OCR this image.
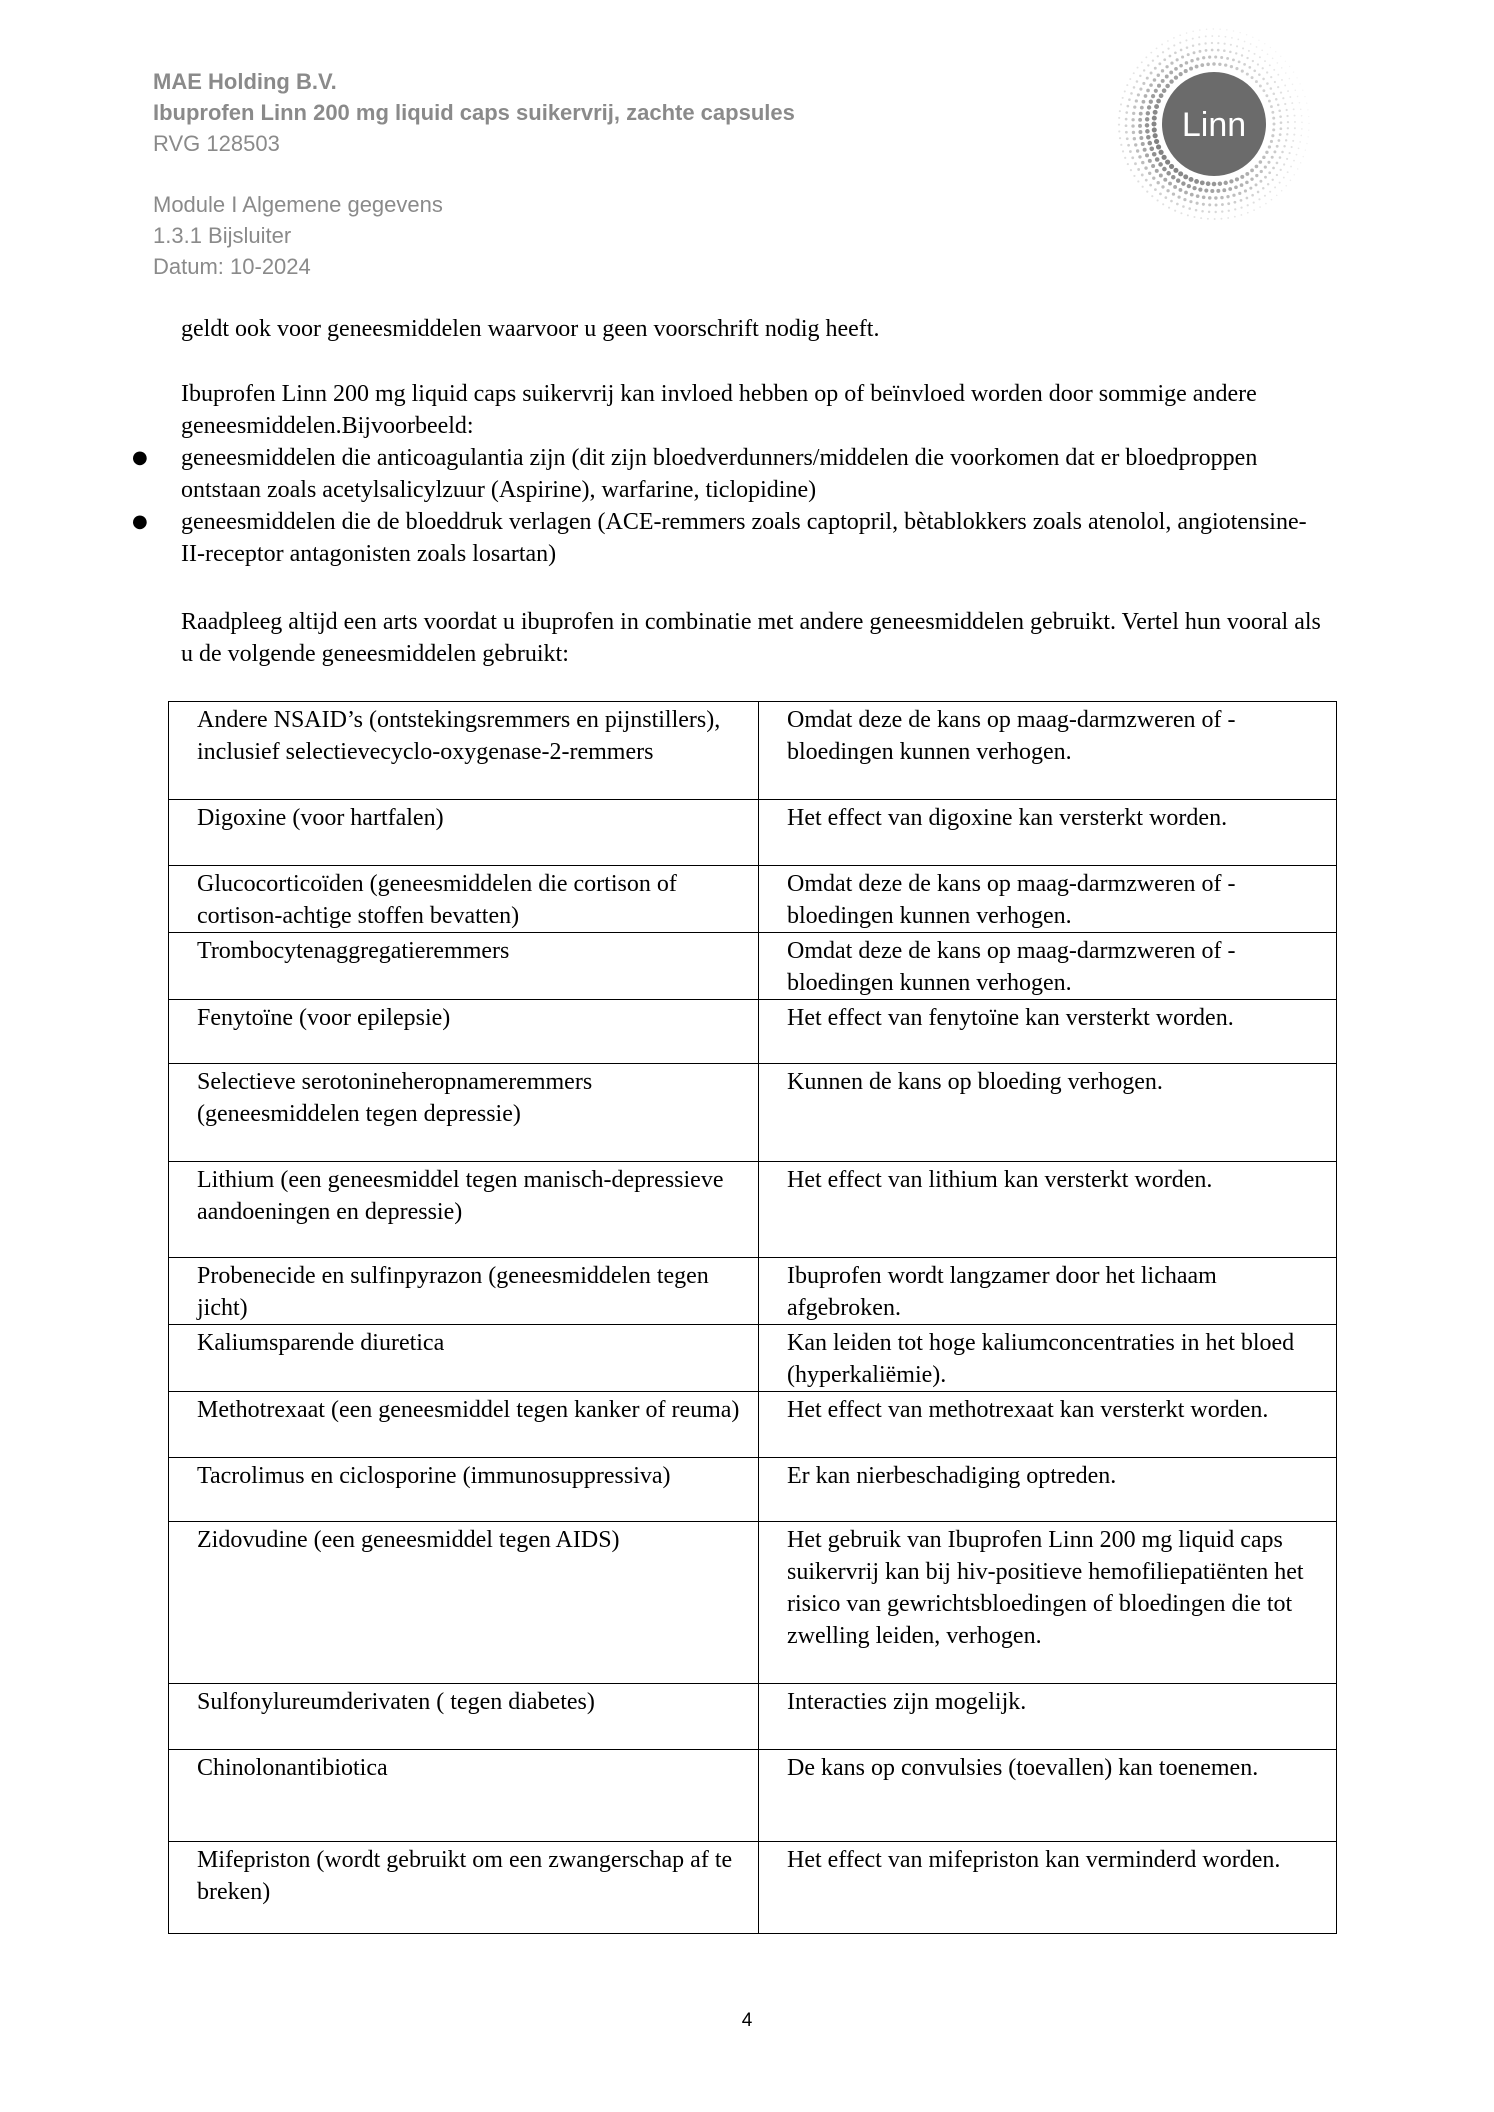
MAE Holding B.V.
Ibuprofen Linn 200 mg liquid caps suikervrij, zachte capsules
RVG 128503
Module I Algemene gegevens
1.3.1 Bijsluiter
Datum: 10-2024
Linn

geldt ook voor geneesmiddelen waarvoor u geen voorschrift nodig heeft.

Ibuprofen Linn 200 mg liquid caps suikervrij kan invloed hebben op of beïnvloed worden door sommige andere geneesmiddelen.Bijvoorbeeld:

● geneesmiddelen die anticoagulantia zijn (dit zijn bloedverdunners/middelen die voorkomen dat er bloedproppen ontstaan zoals acetylsalicylzuur (Aspirine), warfarine, ticlopidine)
● geneesmiddelen die de bloeddruk verlagen (ACE-remmers zoals captopril, bètablokkers zoals atenolol, angiotensine-II-receptor antagonisten zoals losartan)

Raadpleeg altijd een arts voordat u ibuprofen in combinatie met andere geneesmiddelen gebruikt. Vertel hun vooral als u de volgende geneesmiddelen gebruikt:

Andere NSAID’s (ontstekingsremmers en pijnstillers), inclusief selectievecyclo-oxygenase-2-remmers	Omdat deze de kans op maag-darmzweren of -bloedingen kunnen verhogen.
Digoxine (voor hartfalen)	Het effect van digoxine kan versterkt worden.
Glucocorticoïden (geneesmiddelen die cortison of cortison-achtige stoffen bevatten)	Omdat deze de kans op maag-darmzweren of -bloedingen kunnen verhogen.
Trombocytenaggregatieremmers	Omdat deze de kans op maag-darmzweren of -bloedingen kunnen verhogen.
Fenytoïne (voor epilepsie)	Het effect van fenytoïne kan versterkt worden.
Selectieve serotonineheropnameremmers (geneesmiddelen tegen depressie)	Kunnen de kans op bloeding verhogen.
Lithium (een geneesmiddel tegen manisch-depressieve aandoeningen en depressie)	Het effect van lithium kan versterkt worden.
Probenecide en sulfinpyrazon (geneesmiddelen tegen jicht)	Ibuprofen wordt langzamer door het lichaam afgebroken.
Kaliumsparende diuretica	Kan leiden tot hoge kaliumconcentraties in het bloed (hyperkaliëmie).
Methotrexaat (een geneesmiddel tegen kanker of reuma)	Het effect van methotrexaat kan versterkt worden.
Tacrolimus en ciclosporine (immunosuppressiva)	Er kan nierbeschadiging optreden.
Zidovudine (een geneesmiddel tegen AIDS)	Het gebruik van Ibuprofen Linn 200 mg liquid caps suikervrij kan bij hiv-positieve hemofiliepatiënten het risico van gewrichtsbloedingen of bloedingen die tot zwelling leiden, verhogen.
Sulfonylureumderivaten ( tegen diabetes)	Interacties zijn mogelijk.
Chinolonantibiotica	De kans op convulsies (toevallen) kan toenemen.
Mifepriston (wordt gebruikt om een zwangerschap af te breken)	Het effect van mifepriston kan verminderd worden.
4
